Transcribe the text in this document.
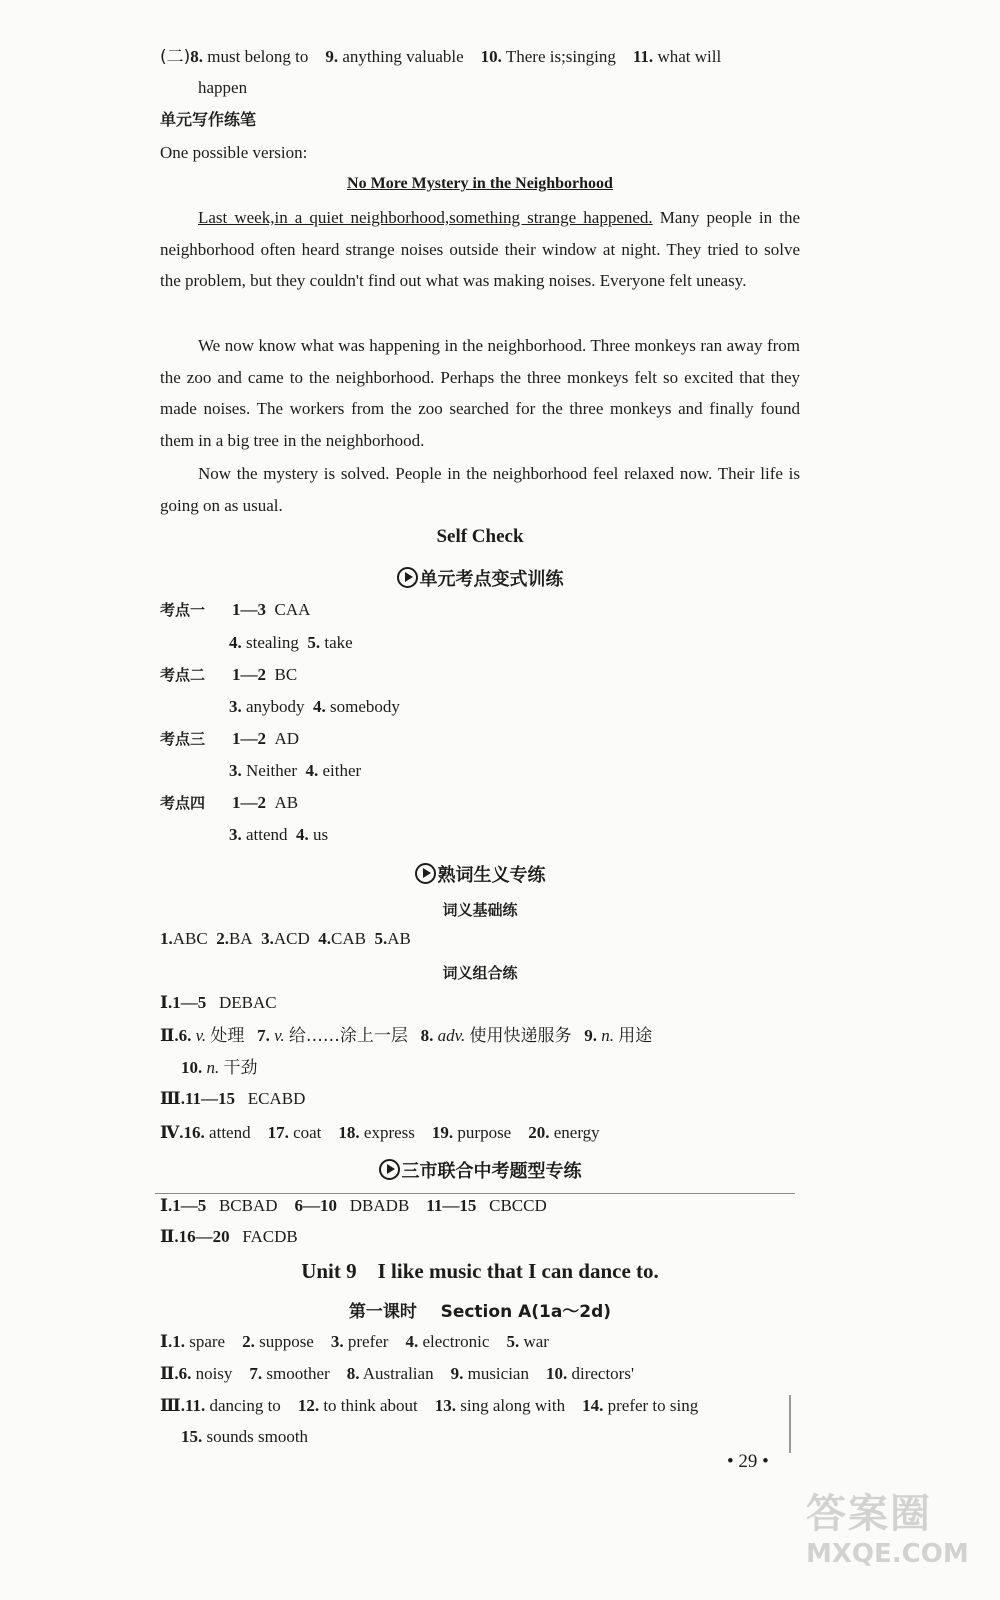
(二)8. must belong to 9. anything valuable 10. There is;singing 11. what will
happen
单元写作练笔
One possible version:
No More Mystery in the Neighborhood

Last week,in a quiet neighborhood,something strange happened. Many people in the neighborhood often heard strange noises outside their window at night. They tried to solve the problem, but they couldn't find out what was making noises. Everyone felt uneasy.

We now know what was happening in the neighborhood. Three monkeys ran away from the zoo and came to the neighborhood. Perhaps the three monkeys felt so excited that they made noises. The workers from the zoo searched for the three monkeys and finally found them in a big tree in the neighborhood.

Now the mystery is solved. People in the neighborhood feel relaxed now. Their life is going on as usual.

Self Check
单元考点变式训练
考点一 1—3 CAA
4. stealing 5. take
考点二 1—2 BC
3. anybody 4. somebody
考点三 1—2 AD
3. Neither 4. either
考点四 1—2 AB
3. attend 4. us
熟词生义专练
词义基础练
1.ABC 2.BA 3.ACD 4.CAB 5.AB
词义组合练
Ⅰ.1—5 DEBAC
Ⅱ.6. v. 处理 7. v. 给……涂上一层 8. adv. 使用快递服务 9. n. 用途
10. n. 干劲
Ⅲ.11—15 ECABD
Ⅳ.16. attend 17. coat 18. express 19. purpose 20. energy
三市联合中考题型专练
Ⅰ.1—5 BCBAD 6—10 DBADB 11—15 CBCCD
Ⅱ.16—20 FACDB
Unit 9    I like music that I can dance to.
第一课时    Section A(1a～2d)
Ⅰ.1. spare 2. suppose 3. prefer 4. electronic 5. war
Ⅱ.6. noisy 7. smoother 8. Australian 9. musician 10. directors'
Ⅲ.11. dancing to 12. to think about 13. sing along with 14. prefer to sing
15. sounds smooth
• 29 •
答案圈
MXQE.COM
